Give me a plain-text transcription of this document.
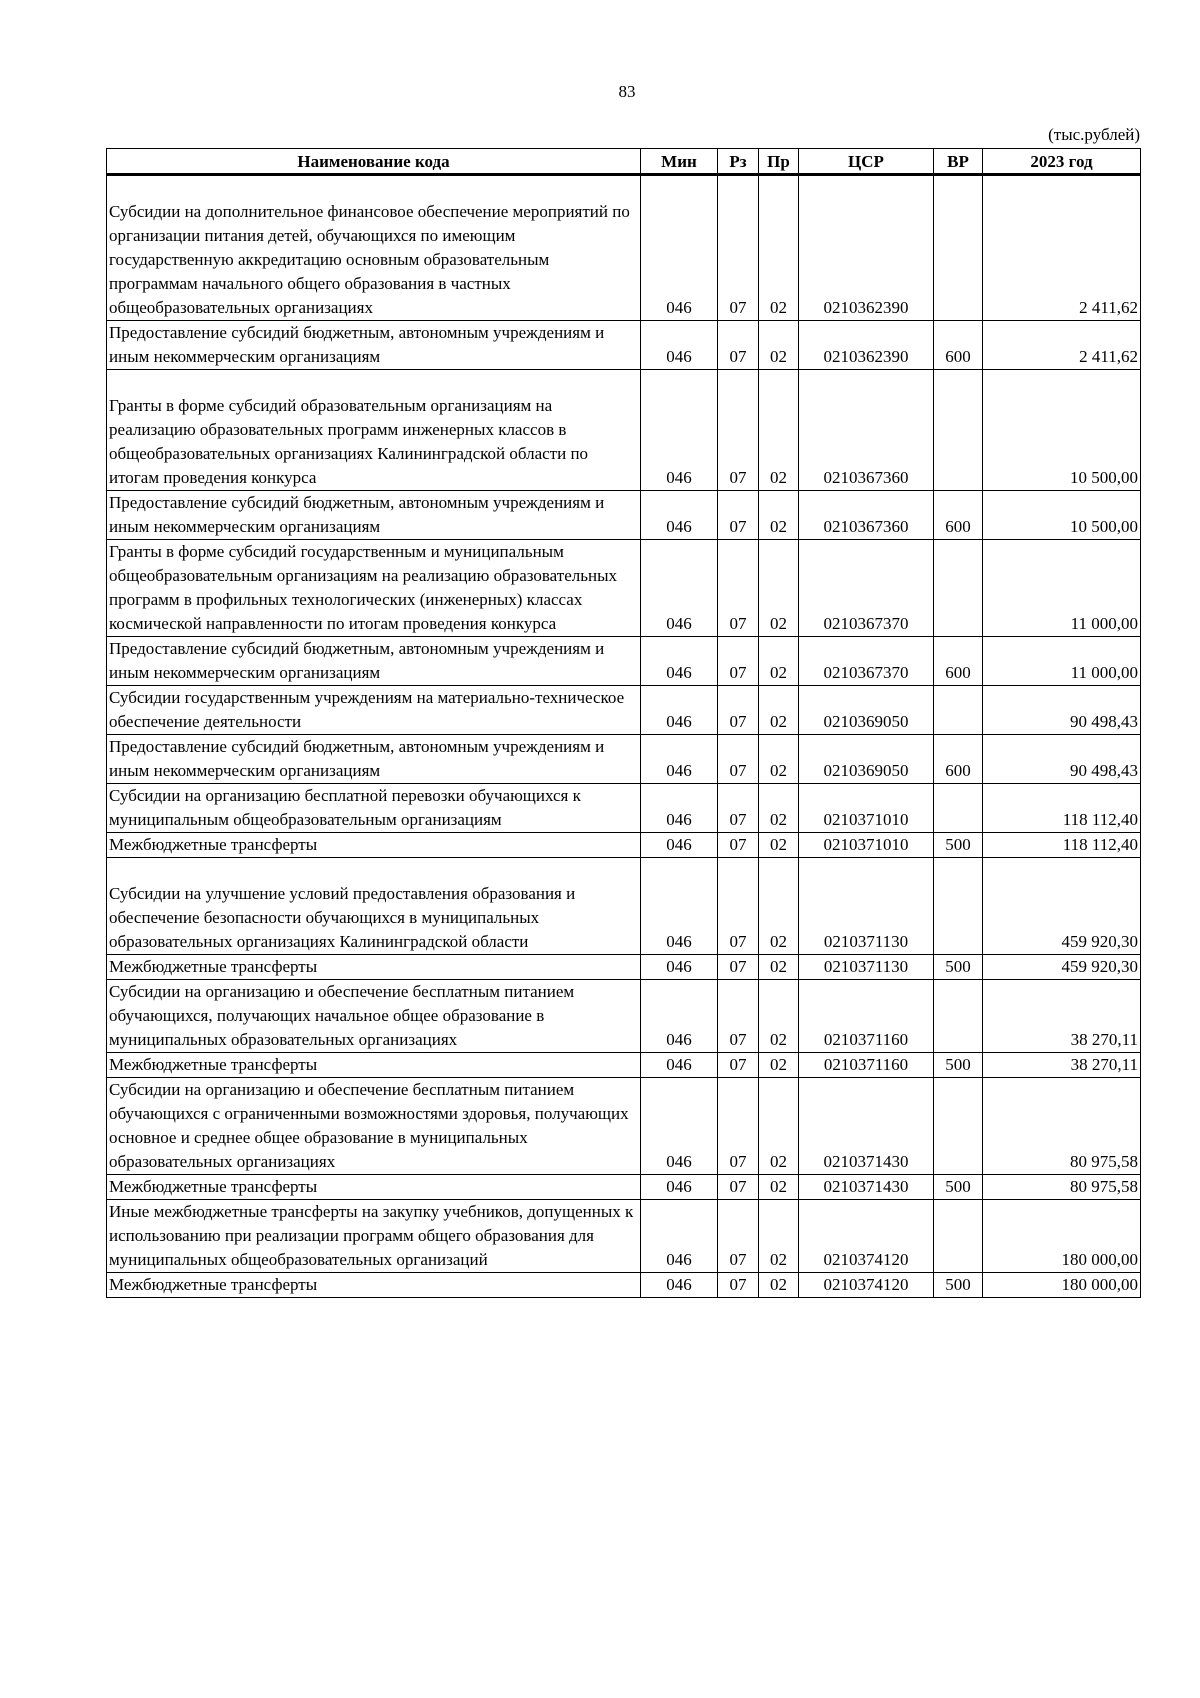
83
(тыс.рублей)
Наименование кода	Мин	Рз	Пр	ЦСР	ВР	2023 год

Субсидии на дополнительное финансовое обеспечение мероприятий по организации питания детей, обучающихся по имеющим государственную аккредитацию основным образовательным программам начального общего образования в частных общеобразовательных организациях	046	07	02	0210362390		2 411,62
Предоставление субсидий бюджетным, автономным учреждениям и иным некоммерческим организациям	046	07	02	0210362390	600	2 411,62

Гранты в форме субсидий образовательным организациям на реализацию образовательных программ инженерных классов в общеобразовательных организациях Калининградской области по итогам проведения конкурса	046	07	02	0210367360		10 500,00
Предоставление субсидий бюджетным, автономным учреждениям и иным некоммерческим организациям	046	07	02	0210367360	600	10 500,00
Гранты в форме субсидий государственным и муниципальным общеобразовательным организациям на реализацию образовательных программ в профильных технологических (инженерных) классах космической направленности по итогам проведения конкурса	046	07	02	0210367370		11 000,00
Предоставление субсидий бюджетным, автономным учреждениям и иным некоммерческим организациям	046	07	02	0210367370	600	11 000,00
Субсидии государственным учреждениям на материально-техническое обеспечение деятельности	046	07	02	0210369050		90 498,43
Предоставление субсидий бюджетным, автономным учреждениям и иным некоммерческим организациям	046	07	02	0210369050	600	90 498,43
Субсидии на организацию бесплатной перевозки обучающихся к муниципальным общеобразовательным организациям	046	07	02	0210371010		118 112,40
Межбюджетные трансферты	046	07	02	0210371010	500	118 112,40

Субсидии на улучшение условий предоставления образования и обеспечение безопасности обучающихся в муниципальных образовательных организациях Калининградской области	046	07	02	0210371130		459 920,30
Межбюджетные трансферты	046	07	02	0210371130	500	459 920,30
Субсидии на организацию и обеспечение бесплатным питанием обучающихся, получающих начальное общее образование в муниципальных образовательных организациях	046	07	02	0210371160		38 270,11
Межбюджетные трансферты	046	07	02	0210371160	500	38 270,11
Субсидии на организацию и обеспечение бесплатным питанием обучающихся с ограниченными возможностями здоровья, получающих основное и среднее общее образование в муниципальных образовательных организациях	046	07	02	0210371430		80 975,58
Межбюджетные трансферты	046	07	02	0210371430	500	80 975,58
Иные межбюджетные трансферты на закупку учебников, допущенных к использованию при реализации программ общего образования для муниципальных общеобразовательных организаций	046	07	02	0210374120		180 000,00
Межбюджетные трансферты	046	07	02	0210374120	500	180 000,00
